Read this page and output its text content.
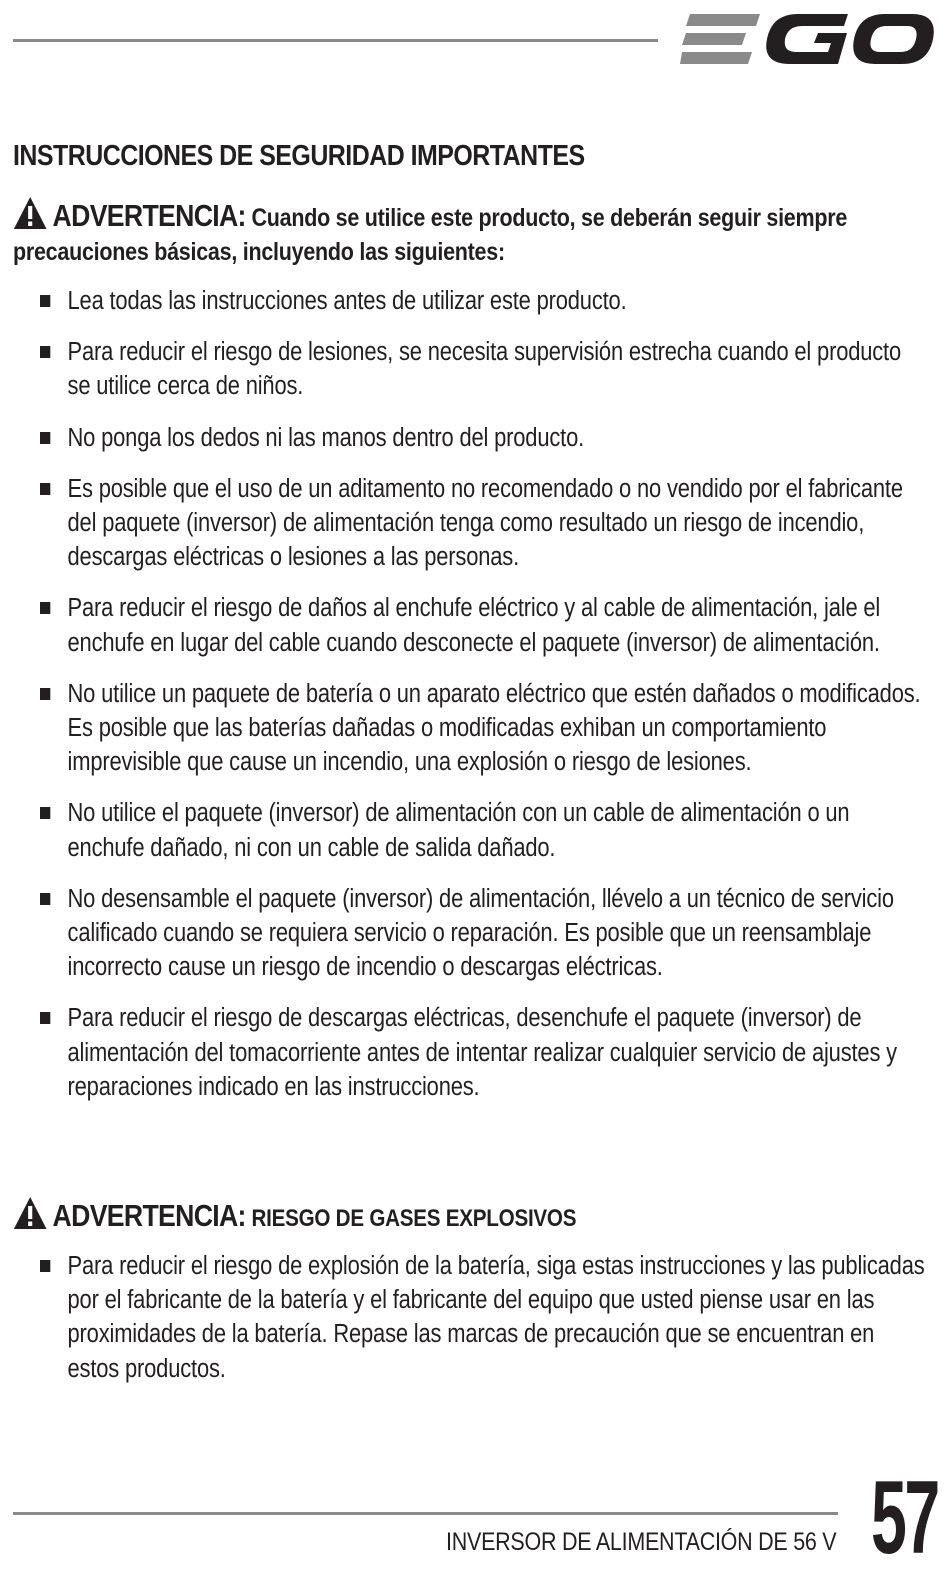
INSTRUCCIONES DE SEGURIDAD IMPORTANTES

ADVERTENCIA: Cuando se utilice este producto, se deberán seguir siempre precauciones básicas, incluyendo las siguientes:

Lea todas las instrucciones antes de utilizar este producto.
Para reducir el riesgo de lesiones, se necesita supervisión estrecha cuando el producto se utilice cerca de niños.
No ponga los dedos ni las manos dentro del producto.
Es posible que el uso de un aditamento no recomendado o no vendido por el fabricante del paquete (inversor) de alimentación tenga como resultado un riesgo de incendio, descargas eléctricas o lesiones a las personas.
Para reducir el riesgo de daños al enchufe eléctrico y al cable de alimentación, jale el enchufe en lugar del cable cuando desconecte el paquete (inversor) de alimentación.
No utilice un paquete de batería o un aparato eléctrico que estén dañados o modificados. Es posible que las baterías dañadas o modificadas exhiban un comportamiento imprevisible que cause un incendio, una explosión o riesgo de lesiones.
No utilice el paquete (inversor) de alimentación con un cable de alimentación o un enchufe dañado, ni con un cable de salida dañado.
No desensamble el paquete (inversor) de alimentación, llévelo a un técnico de servicio calificado cuando se requiera servicio o reparación. Es posible que un reensamblaje incorrecto cause un riesgo de incendio o descargas eléctricas.
Para reducir el riesgo de descargas eléctricas, desenchufe el paquete (inversor) de alimentación del tomacorriente antes de intentar realizar cualquier servicio de ajustes y reparaciones indicado en las instrucciones.

ADVERTENCIA: RIESGO DE GASES EXPLOSIVOS

Para reducir el riesgo de explosión de la batería, siga estas instrucciones y las publicadas por el fabricante de la batería y el fabricante del equipo que usted piense usar en las proximidades de la batería. Repase las marcas de precaución que se encuentran en estos productos.
INVERSOR DE ALIMENTACIÓN DE 56 V 57
